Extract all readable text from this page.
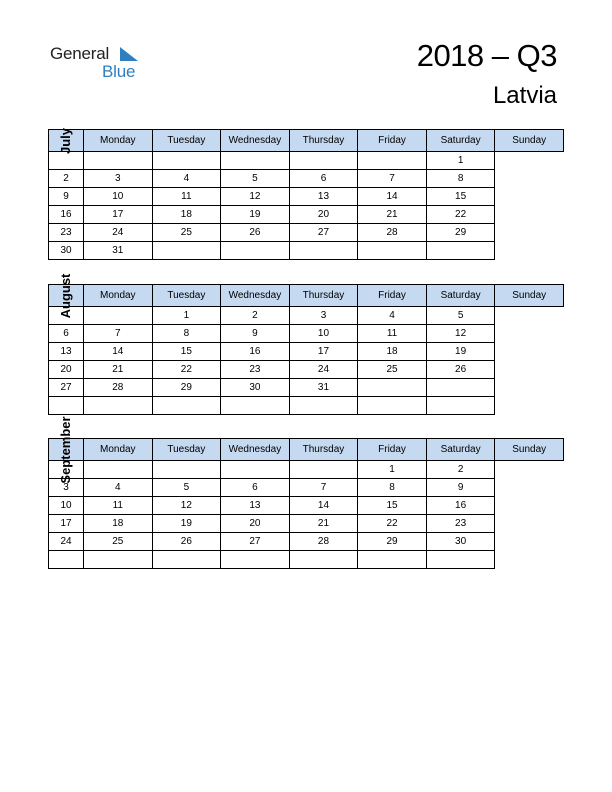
General
Blue	2018 – Q3
Latvia
July	Monday	Tuesday	Wednesday	Thursday	Friday	Saturday	Sunday
						1	
2	3	4	5	6	7	8	
9	10	11	12	13	14	15	
16	17	18	19	20	21	22	
23	24	25	26	27	28	29	
30	31						
August	Monday	Tuesday	Wednesday	Thursday	Friday	Saturday	Sunday
		1	2	3	4	5	
6	7	8	9	10	11	12	
13	14	15	16	17	18	19	
20	21	22	23	24	25	26	
27	28	29	30	31			

September	Monday	Tuesday	Wednesday	Thursday	Friday	Saturday	Sunday
					1	2	
3	4	5	6	7	8	9	
10	11	12	13	14	15	16	
17	18	19	20	21	22	23	
24	25	26	27	28	29	30	
